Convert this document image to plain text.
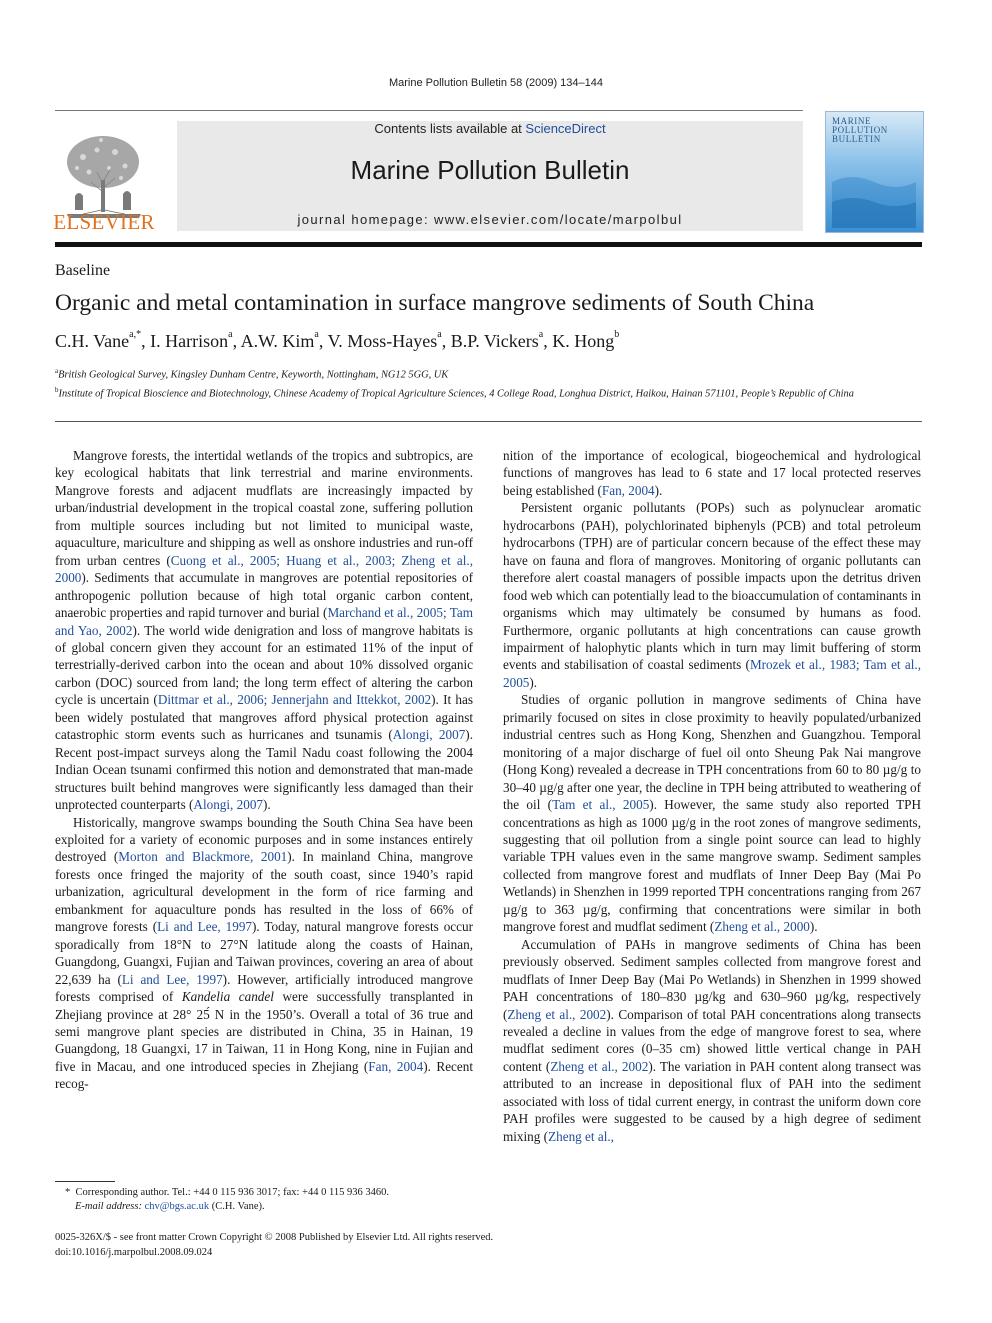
Marine Pollution Bulletin 58 (2009) 134–144
ELSEVIER
Contents lists available at ScienceDirect
Marine Pollution Bulletin
journal homepage: www.elsevier.com/locate/marpolbul
MARINE POLLUTION BULLETIN
Baseline
Organic and metal contamination in surface mangrove sediments of South China
C.H. Vane$^{a,*}$, I. Harrison$^a$, A.W. Kim$^a$, V. Moss-Hayes$^a$, B.P. Vickers$^a$, K. Hong$^b$
$^a$British Geological Survey, Kingsley Dunham Centre, Keyworth, Nottingham, NG12 5GG, UK
$^b$Institute of Tropical Bioscience and Biotechnology, Chinese Academy of Tropical Agriculture Sciences, 4 College Road, Longhua District, Haikou, Hainan 571101, People’s Republic of China

Mangrove forests, the intertidal wetlands of the tropics and subtropics, are key ecological habitats that link terrestrial and marine environments. Mangrove forests and adjacent mudflats are increasingly impacted by urban/industrial development in the tropical coastal zone, suffering pollution from multiple sources including but not limited to municipal waste, aquaculture, mariculture and shipping as well as onshore industries and run-off from urban centres (Cuong et al., 2005; Huang et al., 2003; Zheng et al., 2000). Sediments that accumulate in mangroves are potential repositories of anthropogenic pollution because of high total organic carbon content, anaerobic properties and rapid turnover and burial (Marchand et al., 2005; Tam and Yao, 2002). The world wide denigration and loss of mangrove habitats is of global concern given they account for an estimated 11% of the input of terrestrially-derived carbon into the ocean and about 10% dissolved organic carbon (DOC) sourced from land; the long term effect of altering the carbon cycle is uncertain (Dittmar et al., 2006; Jennerjahn and Ittekkot, 2002). It has been widely postulated that mangroves afford physical protection against catastrophic storm events such as hurricanes and tsunamis (Alongi, 2007). Recent post-impact surveys along the Tamil Nadu coast following the 2004 Indian Ocean tsunami confirmed this notion and demonstrated that man-made structures built behind mangroves were significantly less damaged than their unprotected counterparts (Alongi, 2007).

Historically, mangrove swamps bounding the South China Sea have been exploited for a variety of economic purposes and in some instances entirely destroyed (Morton and Blackmore, 2001). In mainland China, mangrove forests once fringed the majority of the south coast, since 1940’s rapid urbanization, agricultural development in the form of rice farming and embankment for aquaculture ponds has resulted in the loss of 66% of mangrove forests (Li and Lee, 1997). Today, natural mangrove forests occur sporadically from 18°N to 27°N latitude along the coasts of Hainan, Guangdong, Guangxi, Fujian and Taiwan provinces, covering an area of about 22,639 ha (Li and Lee, 1997). However, artificially introduced mangrove forests comprised of Kandelia candel were successfully transplanted in Zhejiang province at 28° 25́ N in the 1950’s. Overall a total of 36 true and semi mangrove plant species are distributed in China, 35 in Hainan, 19 Guangdong, 18 Guangxi, 17 in Taiwan, 11 in Hong Kong, nine in Fujian and five in Macau, and one introduced species in Zhejiang (Fan, 2004). Recent recog-

nition of the importance of ecological, biogeochemical and hydrological functions of mangroves has lead to 6 state and 17 local protected reserves being established (Fan, 2004).

Persistent organic pollutants (POPs) such as polynuclear aromatic hydrocarbons (PAH), polychlorinated biphenyls (PCB) and total petroleum hydrocarbons (TPH) are of particular concern because of the effect these may have on fauna and flora of mangroves. Monitoring of organic pollutants can therefore alert coastal managers of possible impacts upon the detritus driven food web which can potentially lead to the bioaccumulation of contaminants in organisms which may ultimately be consumed by humans as food. Furthermore, organic pollutants at high concentrations can cause growth impairment of halophytic plants which in turn may limit buffering of storm events and stabilisation of coastal sediments (Mrozek et al., 1983; Tam et al., 2005).

Studies of organic pollution in mangrove sediments of China have primarily focused on sites in close proximity to heavily populated/urbanized industrial centres such as Hong Kong, Shenzhen and Guangzhou. Temporal monitoring of a major discharge of fuel oil onto Sheung Pak Nai mangrove (Hong Kong) revealed a decrease in TPH concentrations from 60 to 80 µg/g to 30–40 µg/g after one year, the decline in TPH being attributed to weathering of the oil (Tam et al., 2005). However, the same study also reported TPH concentrations as high as 1000 µg/g in the root zones of mangrove sediments, suggesting that oil pollution from a single point source can lead to highly variable TPH values even in the same mangrove swamp. Sediment samples collected from mangrove forest and mudflats of Inner Deep Bay (Mai Po Wetlands) in Shenzhen in 1999 reported TPH concentrations ranging from 267 µg/g to 363 µg/g, confirming that concentrations were similar in both mangrove forest and mudflat sediment (Zheng et al., 2000).

Accumulation of PAHs in mangrove sediments of China has been previously observed. Sediment samples collected from mangrove forest and mudflats of Inner Deep Bay (Mai Po Wetlands) in Shenzhen in 1999 showed PAH concentrations of 180–830 µg/kg and 630–960 µg/kg, respectively (Zheng et al., 2002). Comparison of total PAH concentrations along transects revealed a decline in values from the edge of mangrove forest to sea, where mudflat sediment cores (0–35 cm) showed little vertical change in PAH content (Zheng et al., 2002). The variation in PAH content along transect was attributed to an increase in depositional flux of PAH into the sediment associated with loss of tidal current energy, in contrast the uniform down core PAH profiles were suggested to be caused by a high degree of sediment mixing (Zheng et al.,

*  Corresponding author. Tel.: +44 0 115 936 3017; fax: +44 0 115 936 3460.
E-mail address: chv@bgs.ac.uk (C.H. Vane).
0025-326X/$ - see front matter Crown Copyright © 2008 Published by Elsevier Ltd. All rights reserved.
doi:10.1016/j.marpolbul.2008.09.024
